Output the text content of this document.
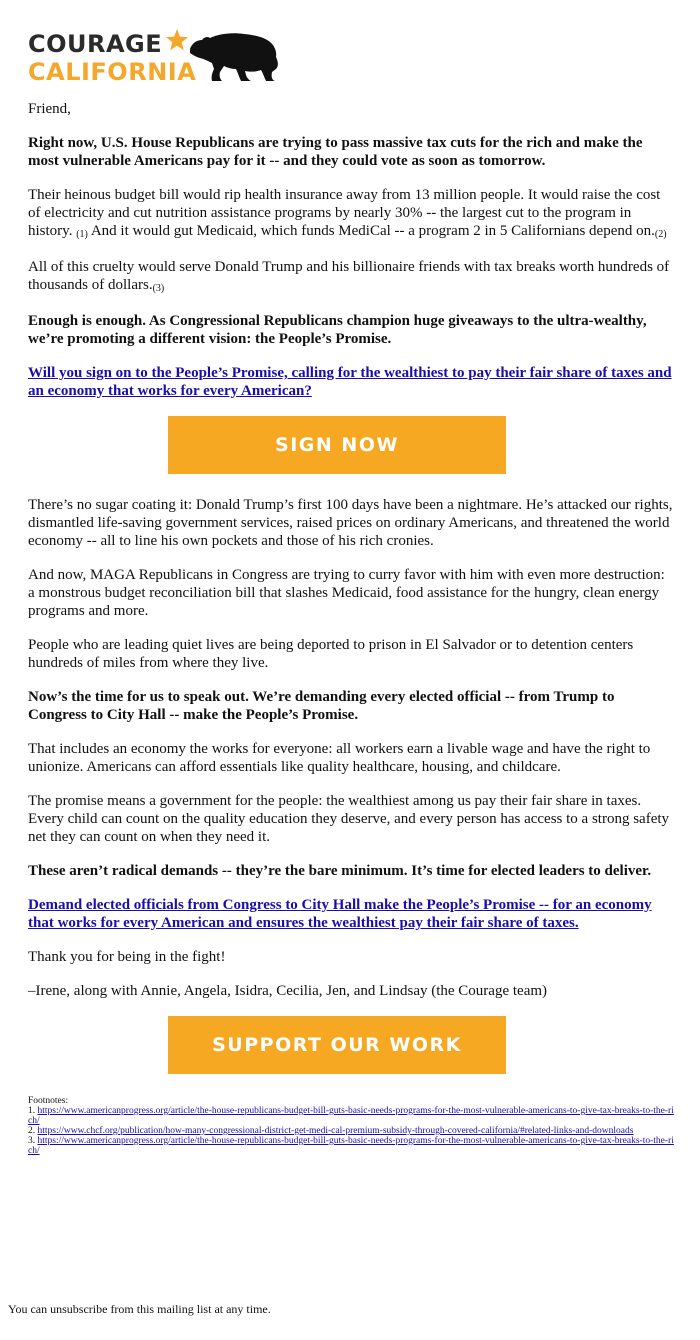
COURAGE
CALIFORNIA

Friend,

Right now, U.S. House Republicans are trying to pass massive tax cuts for the rich and make the most vulnerable Americans pay for it -- and they could vote as soon as tomorrow.

Their heinous budget bill would rip health insurance away from 13 million people. It would raise the cost of electricity and cut nutrition assistance programs by nearly 30% -- the largest cut to the program in history. $^{(1)}$ And it would gut Medicaid, which funds MediCal -- a program 2 in 5 Californians depend on.$^{(2)}$

All of this cruelty would serve Donald Trump and his billionaire friends with tax breaks worth hundreds of thousands of dollars.$^{(3)}$

Enough is enough. As Congressional Republicans champion huge giveaways to the ultra-wealthy, we’re promoting a different vision: the People’s Promise.

Will you sign on to the People’s Promise, calling for the wealthiest to pay their fair share of taxes and an economy that works for every American?

SIGN NOW

There’s no sugar coating it: Donald Trump’s first 100 days have been a nightmare. He’s attacked our rights, dismantled life-saving government services, raised prices on ordinary Americans, and threatened the world economy -- all to line his own pockets and those of his rich cronies.

And now, MAGA Republicans in Congress are trying to curry favor with him with even more destruction: a monstrous budget reconciliation bill that slashes Medicaid, food assistance for the hungry, clean energy programs and more.

People who are leading quiet lives are being deported to prison in El Salvador or to detention centers hundreds of miles from where they live.

Now’s the time for us to speak out. We’re demanding every elected official -- from Trump to Congress to City Hall -- make the People’s Promise.

That includes an economy the works for everyone: all workers earn a livable wage and have the right to unionize. Americans can afford essentials like quality healthcare, housing, and childcare.

The promise means a government for the people: the wealthiest among us pay their fair share in taxes. Every child can count on the quality education they deserve, and every person has access to a strong safety net they can count on when they need it.

These aren’t radical demands -- they’re the bare minimum. It’s time for elected leaders to deliver.

Demand elected officials from Congress to City Hall make the People’s Promise -- for an economy that works for every American and ensures the wealthiest pay their fair share of taxes.

Thank you for being in the fight!

–Irene, along with Annie, Angela, Isidra, Cecilia, Jen, and Lindsay (the Courage team)

SUPPORT OUR WORK
Footnotes:
1. https://www.americanprogress.org/article/the-house-republicans-budget-bill-guts-basic-needs-programs-for-the-most-vulnerable-americans-to-give-tax-breaks-to-the-rich/
2. https://www.chcf.org/publication/how-many-congressional-district-get-medi-cal-premium-subsidy-through-covered-california/#related-links-and-downloads
3. https://www.americanprogress.org/article/the-house-republicans-budget-bill-guts-basic-needs-programs-for-the-most-vulnerable-americans-to-give-tax-breaks-to-the-rich/
You can unsubscribe from this mailing list at any time.
